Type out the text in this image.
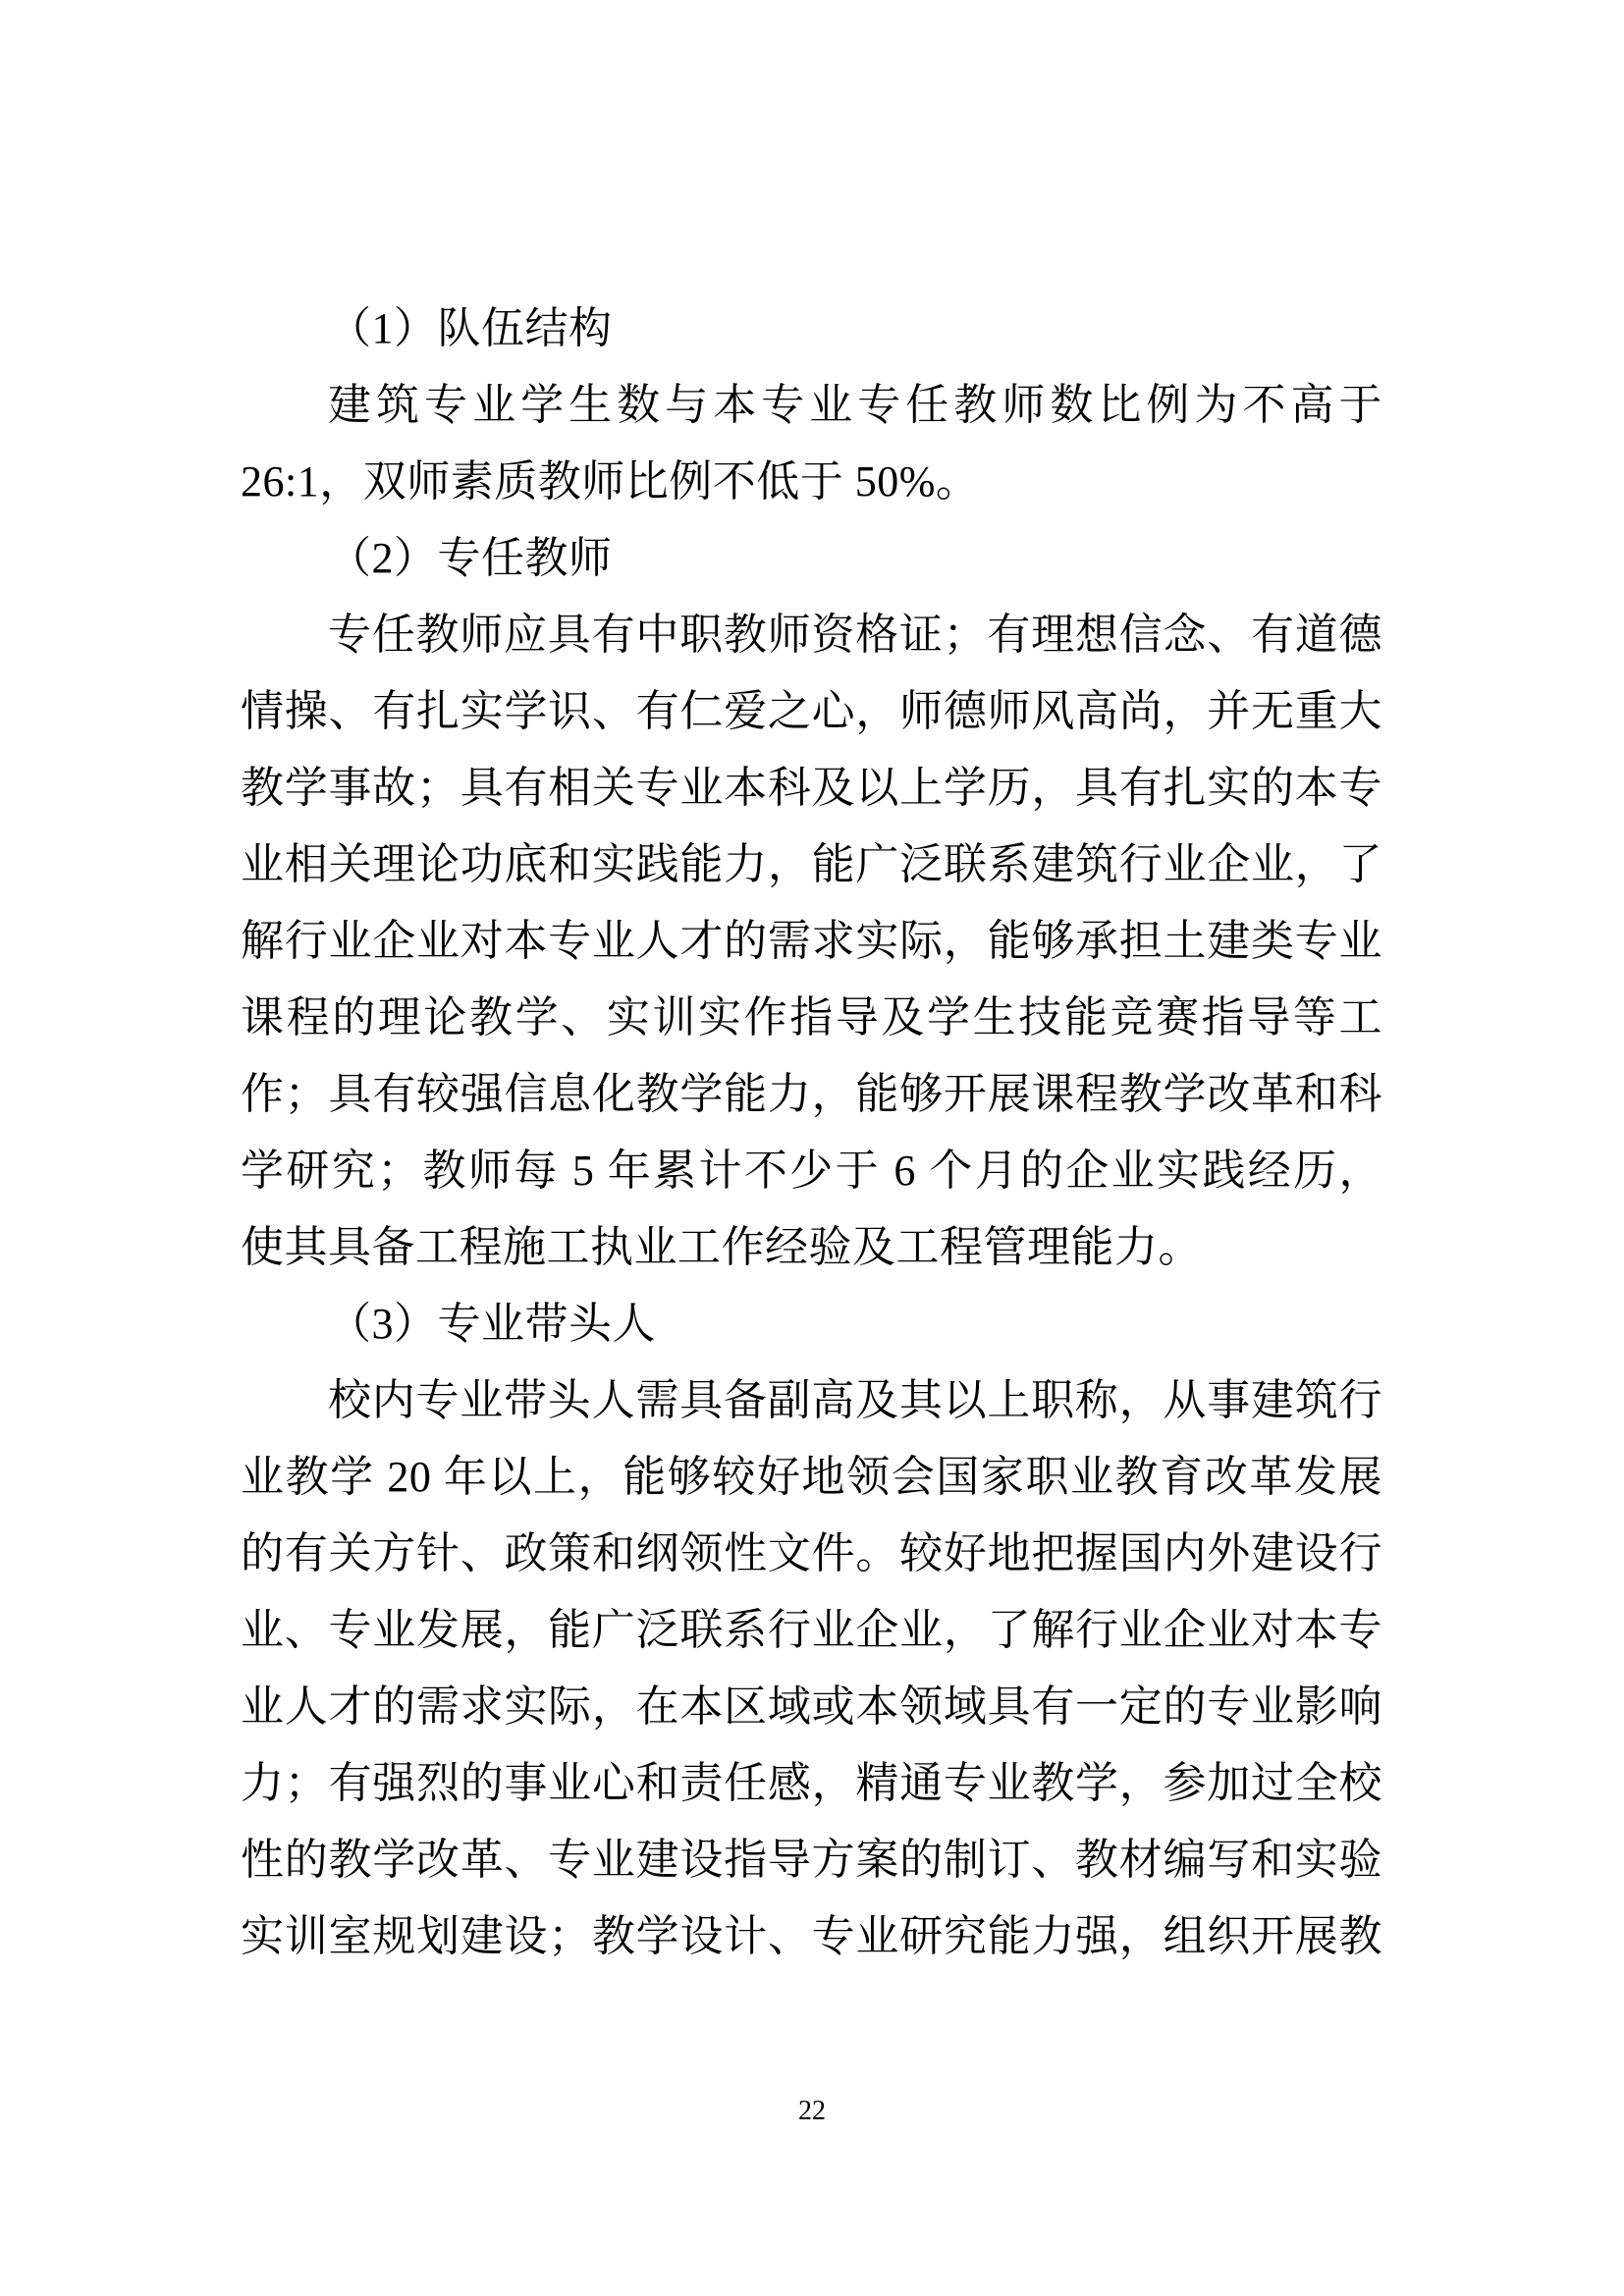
（1）队伍结构
建筑专业学生数与本专业专任教师数比例为不高于
26:1，双师素质教师比例不低于 50%。
（2）专任教师
专任教师应具有中职教师资格证；有理想信念、有道德
情操、有扎实学识、有仁爱之心，师德师风高尚，并无重大
教学事故；具有相关专业本科及以上学历，具有扎实的本专
业相关理论功底和实践能力，能广泛联系建筑行业企业，了
解行业企业对本专业人才的需求实际，能够承担土建类专业
课程的理论教学、实训实作指导及学生技能竞赛指导等工
作；具有较强信息化教学能力，能够开展课程教学改革和科
学研究；教师每 5 年累计不少于 6 个月的企业实践经历，
使其具备工程施工执业工作经验及工程管理能力。
（3）专业带头人
校内专业带头人需具备副高及其以上职称，从事建筑行
业教学 20 年以上，能够较好地领会国家职业教育改革发展
的有关方针、政策和纲领性文件。较好地把握国内外建设行
业、专业发展，能广泛联系行业企业，了解行业企业对本专
业人才的需求实际，在本区域或本领域具有一定的专业影响
力；有强烈的事业心和责任感，精通专业教学，参加过全校
性的教学改革、专业建设指导方案的制订、教材编写和实验
实训室规划建设；教学设计、专业研究能力强，组织开展教
22
